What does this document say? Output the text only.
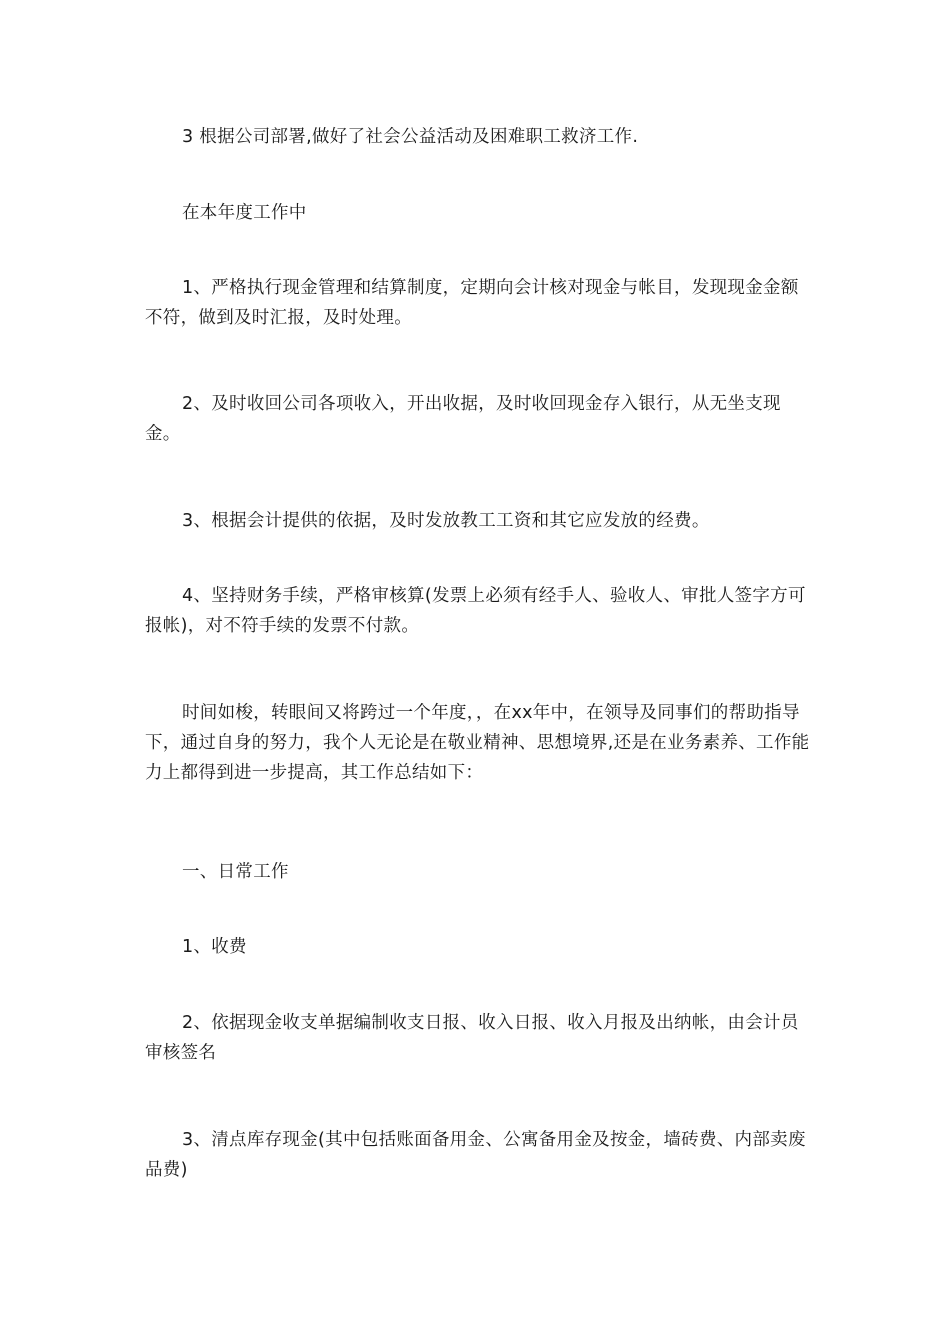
3 根据公司部署,做好了社会公益活动及困难职工救济工作.

在本年度工作中

1、严格执行现金管理和结算制度，定期向会计核对现金与帐目，发现现金金额不符，做到及时汇报，及时处理。

2、及时收回公司各项收入，开出收据，及时收回现金存入银行，从无坐支现金。

3、根据会计提供的依据，及时发放教工工资和其它应发放的经费。

4、坚持财务手续，严格审核算(发票上必须有经手人、验收人、审批人签字方可报帐)，对不符手续的发票不付款。

时间如梭，转眼间又将跨过一个年度，，在xx年中，在领导及同事们的帮助指导下，通过自身的努力，我个人无论是在敬业精神、思想境界,还是在业务素养、工作能力上都得到进一步提高，其工作总结如下：

一、日常工作

1、收费

2、依据现金收支单据编制收支日报、收入日报、收入月报及出纳帐，由会计员审核签名

3、清点库存现金(其中包括账面备用金、公寓备用金及按金，墙砖费、内部卖废品费)
